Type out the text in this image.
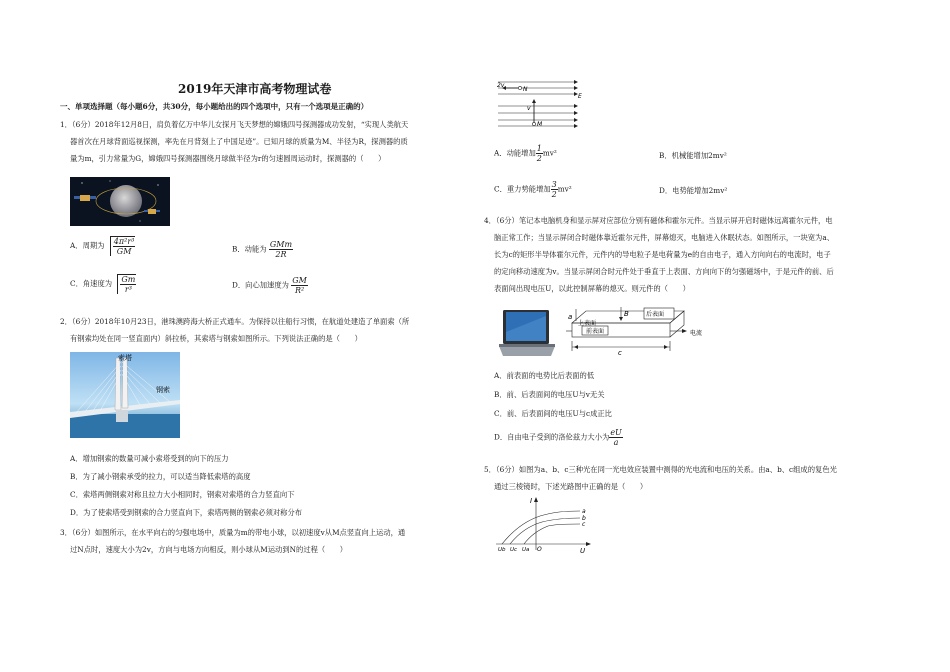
2019年天津市高考物理试卷
一、单项选择题（每小题6分，共30分，每小题给出的四个选项中，只有一个选项是正确的）
1．（6分）2018年12月8日，肩负着亿万中华儿女探月飞天梦想的嫦娥四号探测器成功发射，“实现人类航天
器首次在月球背面巡视探测，率先在月背刻上了中国足迹”。已知月球的质量为M、半径为R，探测器的质
量为m，引力常量为G，嫦娥四号探测器围绕月球做半径为r的匀速圆周运动时，探测器的（　　）
A．周期为 $\frac{\text{4π²r³}}{GM}$	B．动能为 $\frac{\text{GMm}}{2R}$
C．角速度为 $\frac{Gm}{\text{r³}}$	D．向心加速度为 $\frac{GM}{\text{R²}}$
2．（6分）2018年10月23日，港珠澳跨海大桥正式通车。为保持以往船行习惯，在航道处建造了单面索（所
有钢索均处在同一竖直面内）斜拉桥，其索塔与钢索如图所示。下列说法正确的是（　　）
索塔
钢索
A．增加钢索的数量可减小索塔受到的向下的压力
B．为了减小钢索承受的拉力，可以适当降低索塔的高度
C．索塔两侧钢索对称且拉力大小相同时，钢索对索塔的合力竖直向下
D．为了使索塔受到钢索的合力竖直向下，索塔两侧的钢索必须对称分布
3．（6分）如图所示，在水平向右的匀强电场中，质量为m的带电小球，以初速度v从M点竖直向上运动，通
过N点时，速度大小为2v，方向与电场方向相反，则小球从M运动到N的过程（　　）
2v
N
E
v
M
A．动能增加 $\frac{1}{2} mv^2$	B．机械能增加2mv²
C．重力势能增加 $\frac{3}{2} mv^2$	D．电势能增加2mv²
4．（6分）笔记本电脑机身和显示屏对应部位分别有磁体和霍尔元件。当显示屏开启时磁体远离霍尔元件，电
脑正常工作；当显示屏闭合时磁体靠近霍尔元件，屏幕熄灭，电脑进入休眠状态。如图所示，一块宽为a、
长为c的矩形半导体霍尔元件，元件内的导电粒子是电荷量为e的自由电子，通入方向向右的电流时，电子
的定向移动速度为v。当显示屏闭合时元件处于垂直于上表面、方向向下的匀强磁场中，于是元件的前、后
表面间出现电压U，以此控制屏幕的熄灭。则元件的（　　）
B
a	后表面
上表面
前表面
c
电流
A．前表面的电势比后表面的低
B．前、后表面间的电压U与v无关
C．前、后表面间的电压U与c成正比
D．自由电子受到的洛伦兹力大小为 $\frac{eU}{a}$
5．（6分）如图为a、b、c三种光在同一光电效应装置中测得的光电流和电压的关系。由a、b、c组成的复色光
通过三棱镜时，下述光路图中正确的是（　　）
I
U
O
Ub Uc Ua
a
b
c
